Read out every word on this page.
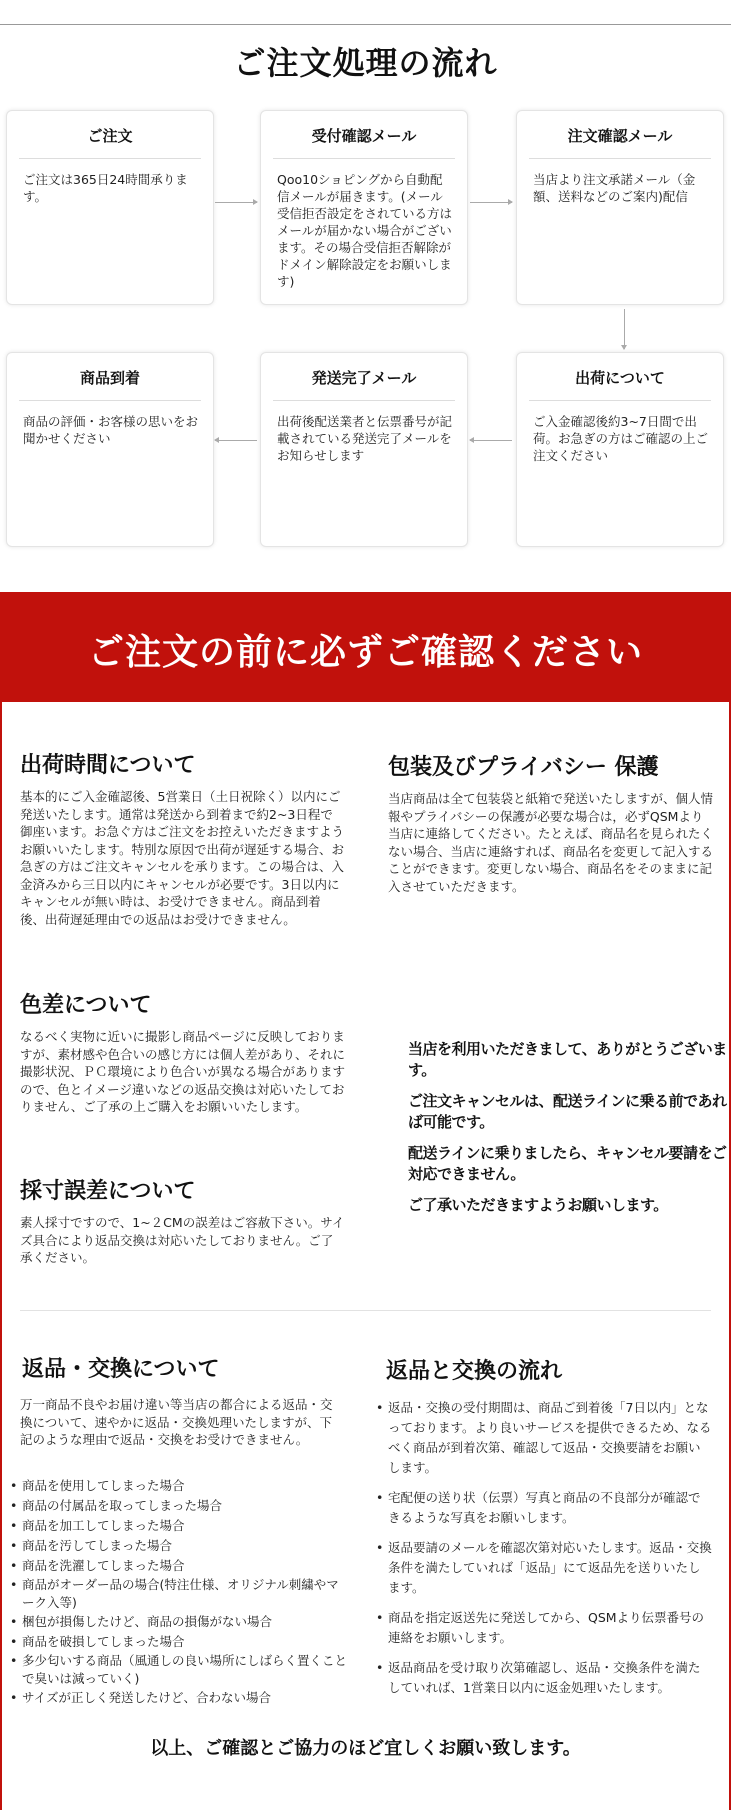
ご注文処理の流れ
ご注文
ご注文は365日24時間承ります。
受付確認メール
Qoo10ショピングから自動配信メールが届きます。(メール受信拒否設定をされている方はメールが届かない場合がございます。その場合受信拒否解除がドメイン解除設定をお願いします)
注文確認メール
当店より注文承諾メール（金額、送料などのご案内)配信
商品到着
商品の評価・お客様の思いをお聞かせください
発送完了メール
出荷後配送業者と伝票番号が記載されている発送完了メールをお知らせします
出荷について
ご入金確認後約3~7日間で出荷。お急ぎの方はご確認の上ご注文ください
ご注文の前に必ずご確認ください
出荷時間について
基本的にご入金確認後、5営業日（土日祝除く）以内にご発送いたします。通常は発送から到着まで約2~3日程で御座います。お急ぐ方はご注文をお控えいただきますようお願いいたします。特別な原因で出荷が遅延する場合、お急ぎの方はご注文キャンセルを承ります。この場合は、入金済みから三日以内にキャンセルが必要です。3日以内にキャンセルが無い時は、お受けできません。商品到着後、出荷遅延理由での返品はお受けできません。
包装及びプライバシー 保護
当店商品は全て包装袋と紙箱で発送いたしますが、個人情報やプライバシーの保護が必要な場合は，必ずQSMより当店に連絡してください。たとえば、商品名を見られたくない場合、当店に連絡すれば、商品名を変更して記入することができます。変更しない場合、商品名をそのままに記入させていただきます。
色差について
なるべく実物に近いに撮影し商品ページに反映しておりますが、素材感や色合いの感じ方には個人差があり、それに撮影状況、ＰＣ環境により色合いが異なる場合がありますので、色とイメージ違いなどの返品交換は対応いたしておりません、ご了承の上ご購入をお願いいたします。
採寸誤差について
素人採寸ですので、1~２CMの誤差はご容赦下さい。サイズ具合により返品交換は対応いたしておりません。ご了承ください。
当店を利用いただきまして、ありがとうございます。
ご注文キャンセルは、配送ラインに乗る前であれば可能です。
配送ラインに乗りましたら、キャンセル要請をご対応できません。
ご了承いただきますようお願いします。
返品・交換について
万一商品不良やお届け違い等当店の都合による返品・交換について、速やかに返品・交換処理いたしますが、下記のような理由で返品・交換をお受けできません。
• 商品を使用してしまった場合
• 商品の付属品を取ってしまった場合
• 商品を加工してしまった場合
• 商品を汚してしまった場合
• 商品を洗濯してしまった場合
• 商品がオーダー品の場合(特注仕様、オリジナル刺繍やマーク入等)
• 梱包が損傷したけど、商品の損傷がない場合
• 商品を破損してしまった場合
• 多少匂いする商品（風通しの良い場所にしばらく置くことで臭いは減っていく)
• サイズが正しく発送したけど、合わない場合
返品と交換の流れ
• 返品・交換の受付期間は、商品ご到着後「7日以内」となっております。より良いサービスを提供できるため、なるべく商品が到着次第、確認して返品・交換要請をお願いします。
• 宅配便の送り状（伝票）写真と商品の不良部分が確認できるような写真をお願いします。
• 返品要請のメールを確認次第対応いたします。返品・交換条件を満たしていれば「返品」にて返品先を送りいたします。
• 商品を指定返送先に発送してから、QSMより伝票番号の連絡をお願いします。
• 返品商品を受け取り次第確認し、返品・交換条件を満たしていれば、1営業日以内に返金処理いたします。
以上、ご確認とご協力のほど宜しくお願い致します。
